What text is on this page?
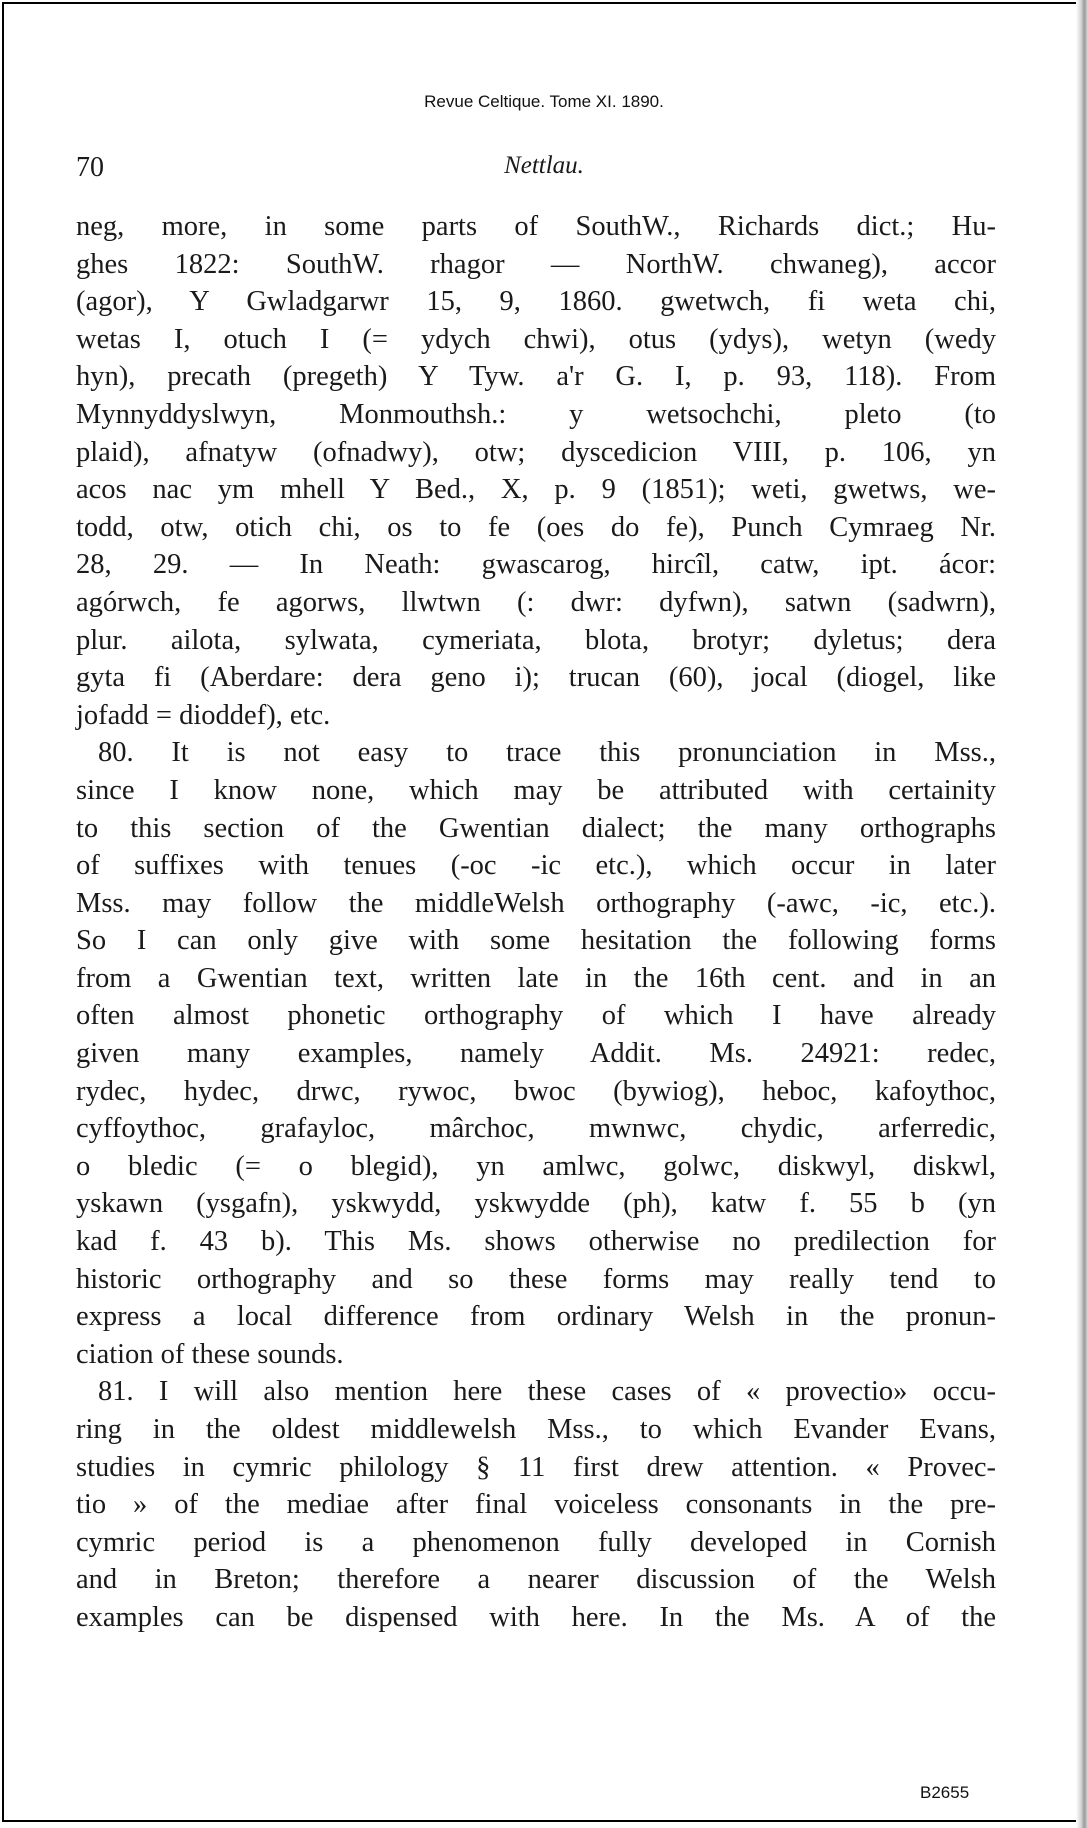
Revue Celtique. Tome XI. 1890.
70	Nettlau.
neg, more, in some parts of SouthW., Richards dict.; Hu-
ghes 1822: SouthW. rhagor — NorthW. chwaneg), accor
(agor), Y Gwladgarwr 15, 9, 1860. gwetwch, fi weta chi,
wetas I, otuch I (= ydych chwi), otus (ydys), wetyn (wedy
hyn), precath (pregeth) Y Tyw. a'r G. I, p. 93, 118). From
Mynnyddyslwyn, Monmouthsh.: y wetsochchi, pleto (to
plaid), afnatyw (ofnadwy), otw; dyscedicion VIII, p. 106, yn
acos nac ym mhell Y Bed., X, p. 9 (1851); weti, gwetws, we-
todd, otw, otich chi, os to fe (oes do fe), Punch Cymraeg Nr.
28, 29. — In Neath: gwascarog, hircîl, catw, ipt. ácor:
agórwch, fe agorws, llwtwn (: dwr: dyfwn), satwn (sadwrn),
plur. ailota, sylwata, cymeriata, blota, brotyr; dyletus; dera
gyta fi (Aberdare: dera geno i); trucan (60), jocal (diogel, like
jofadd = dioddef), etc.
80. It is not easy to trace this pronunciation in Mss.,
since I know none, which may be attributed with certainity
to this section of the Gwentian dialect; the many orthographs
of suffixes with tenues (-oc -ic etc.), which occur in later
Mss. may follow the middleWelsh orthography (-awc, -ic, etc.).
So I can only give with some hesitation the following forms
from a Gwentian text, written late in the 16th cent. and in an
often almost phonetic orthography of which I have already
given many examples, namely Addit. Ms. 24921: redec,
rydec, hydec, drwc, rywoc, bwoc (bywiog), heboc, kafoythoc,
cyffoythoc, grafayloc, mârchoc, mwnwc, chydic, arferredic,
o bledic (= o blegid), yn amlwc, golwc, diskwyl, diskwl,
yskawn (ysgafn), yskwydd, yskwydde (ph), katw f. 55 b (yn
kad f. 43 b). This Ms. shows otherwise no predilection for
historic orthography and so these forms may really tend to
express a local difference from ordinary Welsh in the pronun-
ciation of these sounds.
81. I will also mention here these cases of « provectio» occu-
ring in the oldest middlewelsh Mss., to which Evander Evans,
studies in cymric philology § 11 first drew attention. « Provec-
tio » of the mediae after final voiceless consonants in the pre-
cymric period is a phenomenon fully developed in Cornish
and in Breton; therefore a nearer discussion of the Welsh
examples can be dispensed with here. In the Ms. A of the
B2655
